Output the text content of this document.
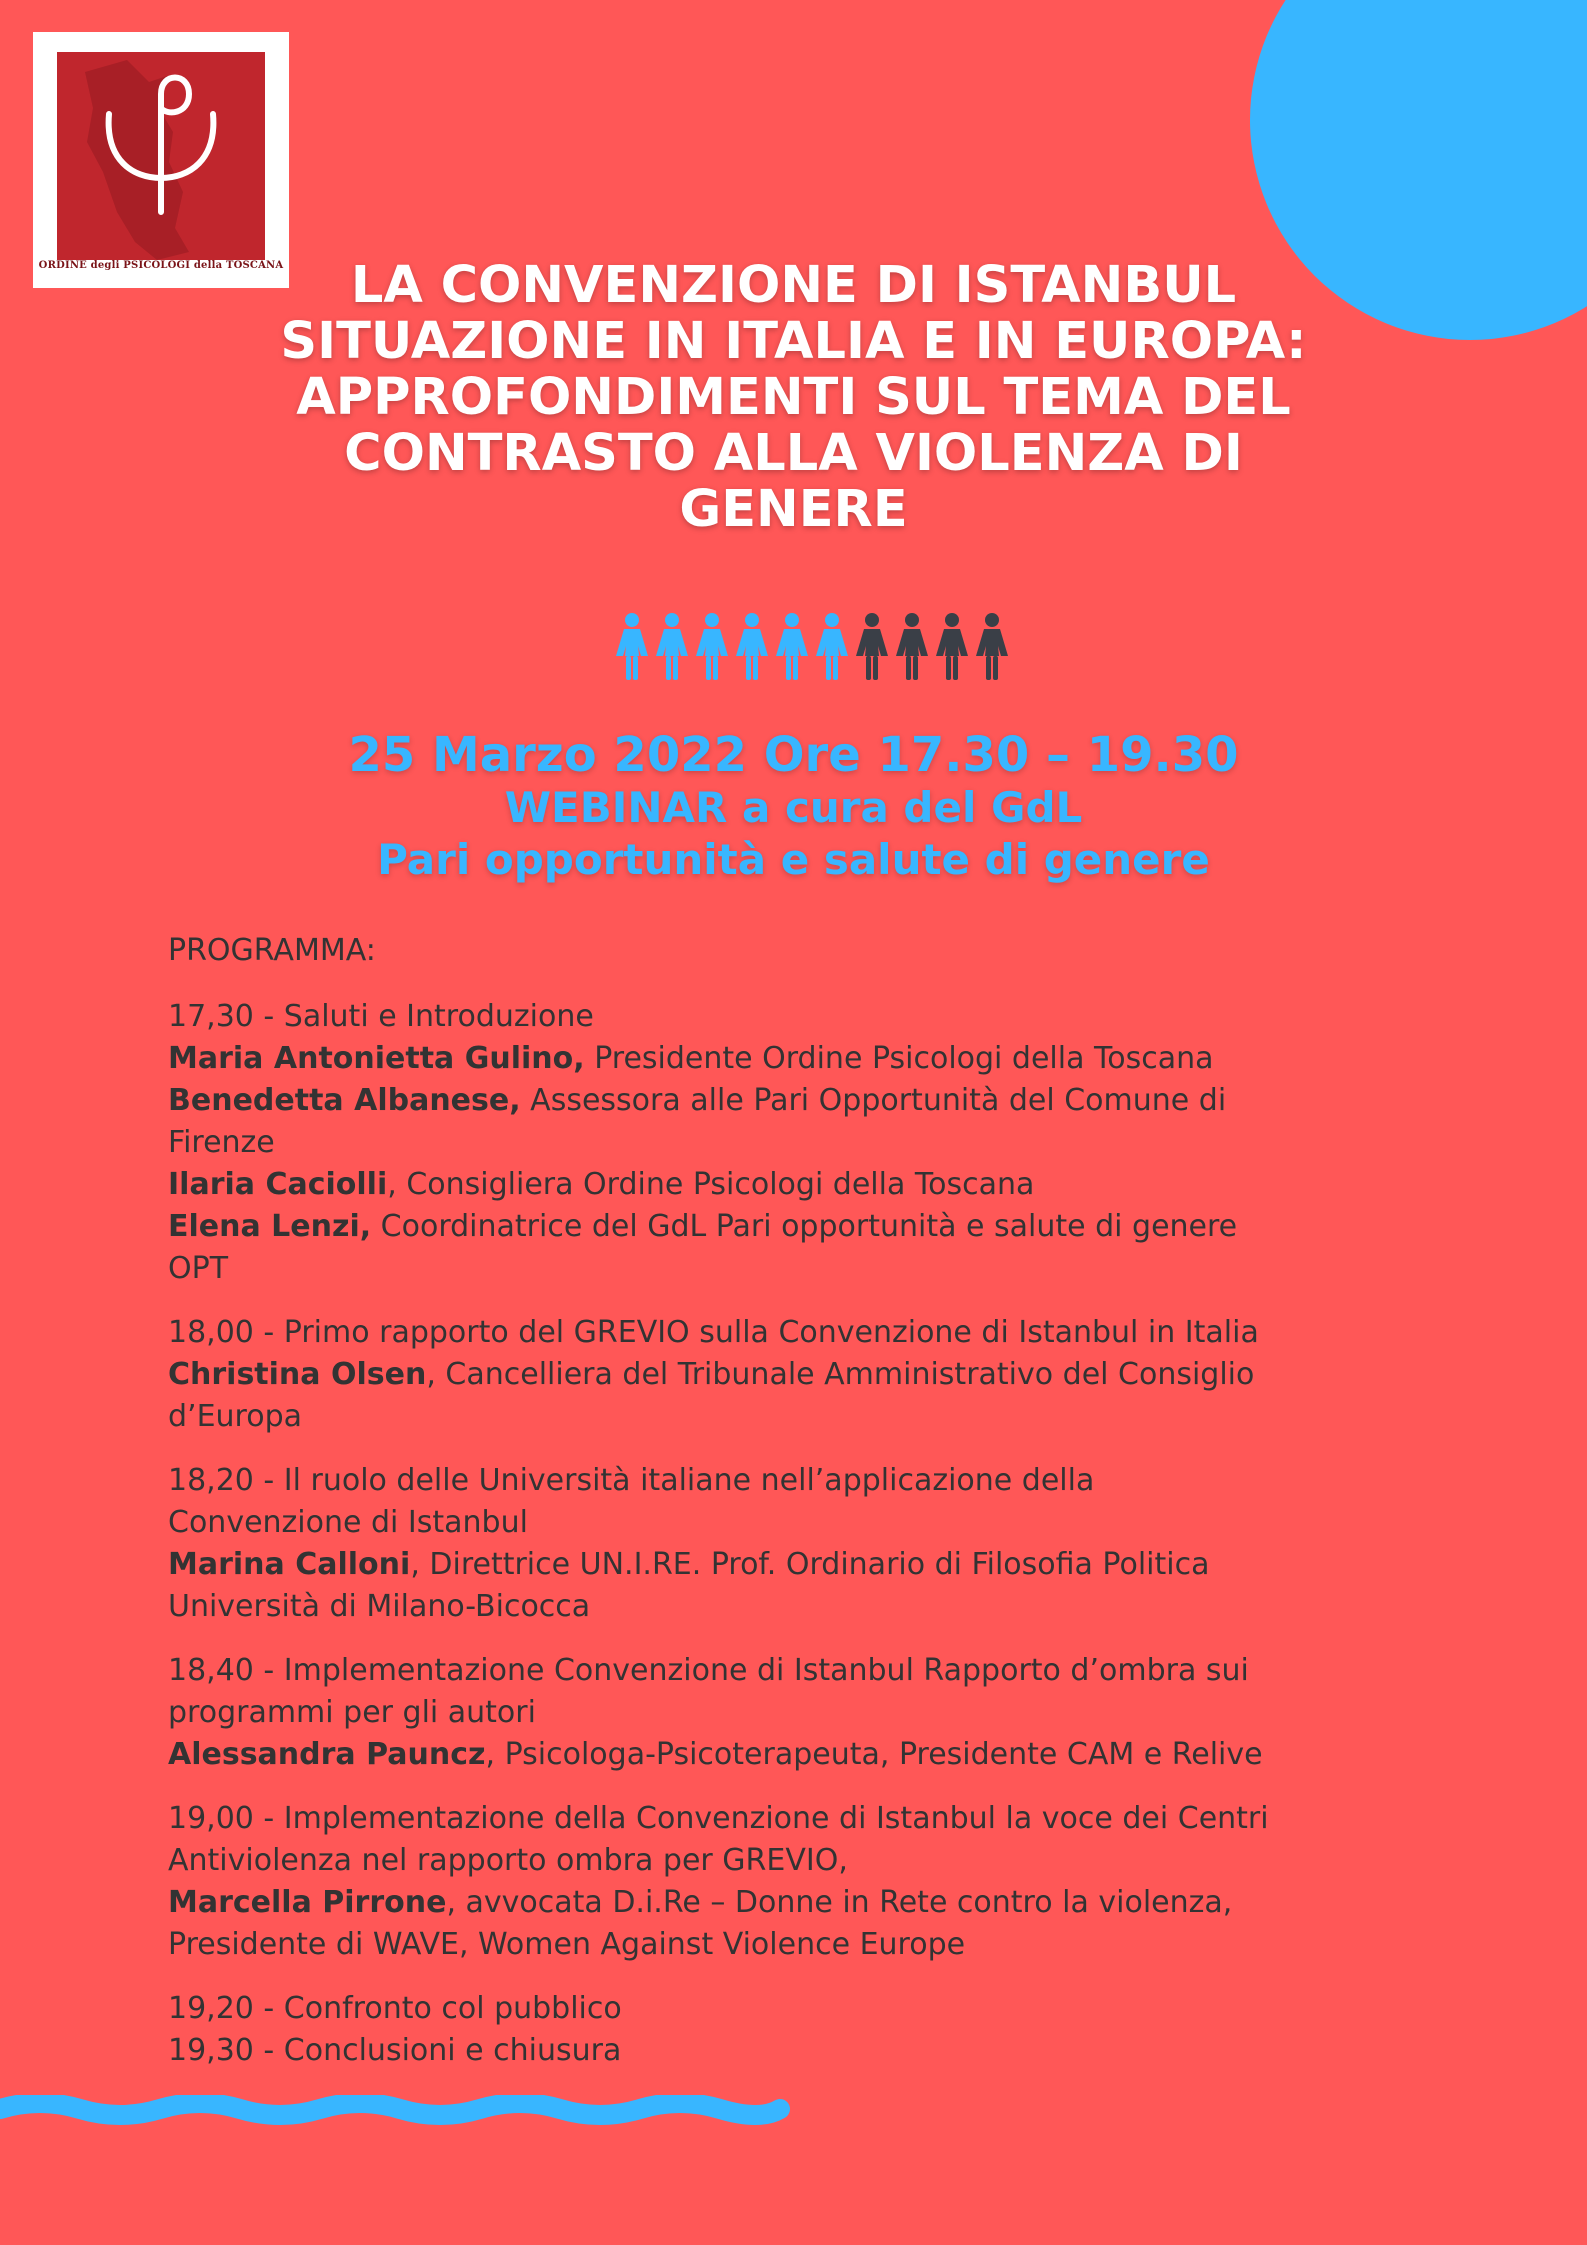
ORDINE degli PSICOLOGI della TOSCANA	LA CONVENZIONE DI ISTANBUL
SITUAZIONE IN ITALIA E IN EUROPA:
APPROFONDIMENTI SUL TEMA DEL
CONTRASTO ALLA VIOLENZA DI
GENERE
25 Marzo 2022 Ore 17.30 – 19.30
WEBINAR a cura del GdL
Pari opportunità e salute di genere
PROGRAMMA:
17,30 - Saluti e Introduzione
Maria Antonietta Gulino, Presidente Ordine Psicologi della Toscana
Benedetta Albanese, Assessora alle Pari Opportunità del Comune di
Firenze
Ilaria Caciolli, Consigliera Ordine Psicologi della Toscana
Elena Lenzi, Coordinatrice del GdL Pari opportunità e salute di genere
OPT
18,00 - Primo rapporto del GREVIO sulla Convenzione di Istanbul in Italia
Christina Olsen, Cancelliera del Tribunale Amministrativo del Consiglio
d’Europa
18,20 - Il ruolo delle Università italiane nell’applicazione della
Convenzione di Istanbul
Marina Calloni, Direttrice UN.I.RE. Prof. Ordinario di Filosofia Politica
Università di Milano-Bicocca
18,40 - Implementazione Convenzione di Istanbul Rapporto d’ombra sui
programmi per gli autori
Alessandra Pauncz, Psicologa-Psicoterapeuta, Presidente CAM e Relive
19,00 - Implementazione della Convenzione di Istanbul la voce dei Centri
Antiviolenza nel rapporto ombra per GREVIO,
Marcella Pirrone, avvocata D.i.Re – Donne in Rete contro la violenza,
Presidente di WAVE, Women Against Violence Europe
19,20 - Confronto col pubblico
19,30 - Conclusioni e chiusura
